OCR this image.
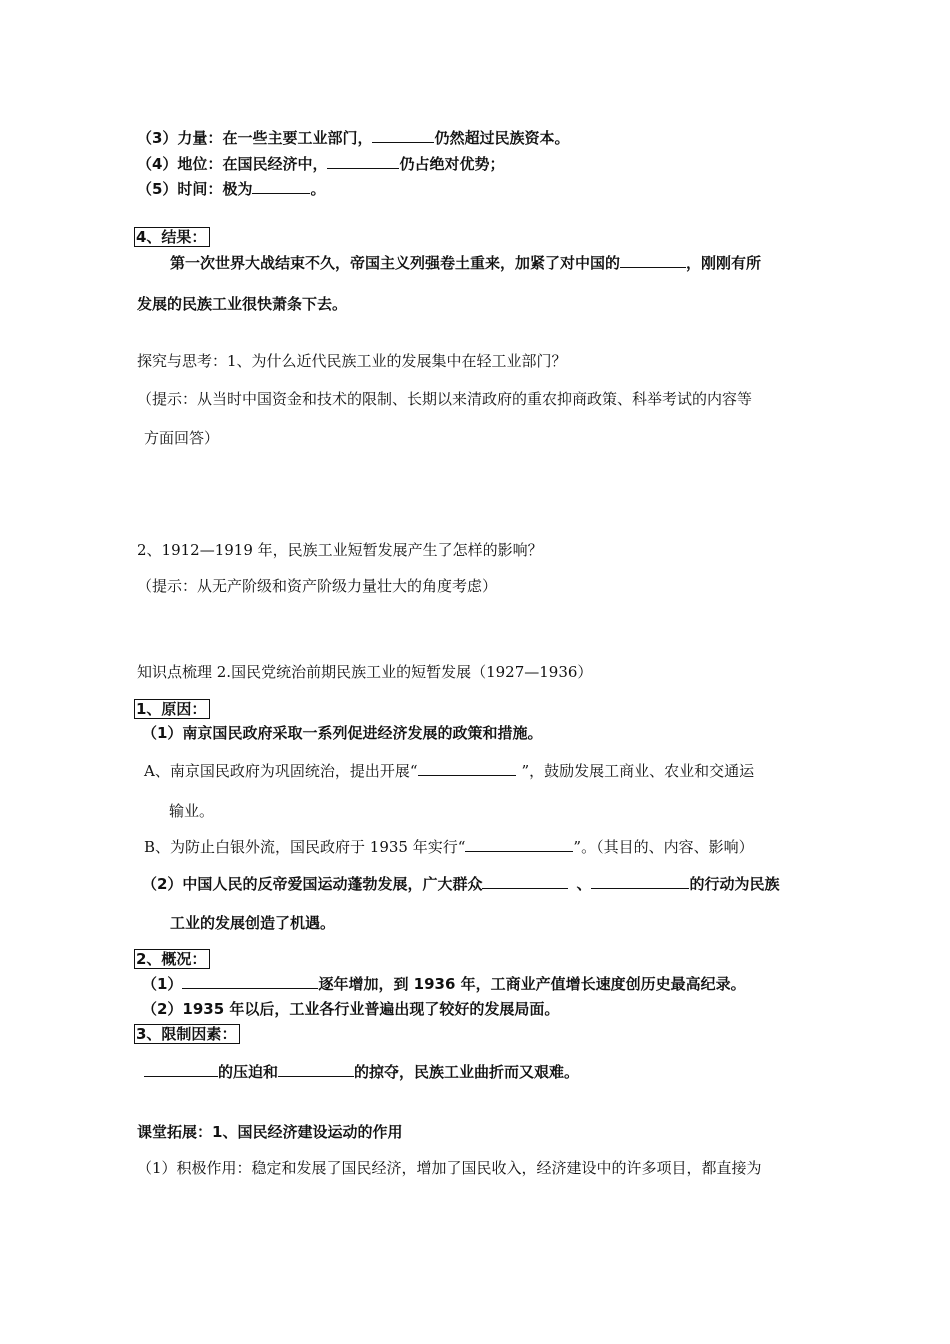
（3）力量：在一些主要工业部门，	仍然超过民族资本。
（4）地位：在国民经济中，	仍占绝对优势；
（5）时间：极为	。
4、结果：
第一次世界大战结束不久，帝国主义列强卷土重来，加紧了对中国的	，刚刚有所
发展的民族工业很快萧条下去。
探究与思考：1、为什么近代民族工业的发展集中在轻工业部门？
（提示：从当时中国资金和技术的限制、长期以来清政府的重农抑商政策、科举考试的内容等
方面回答）
2、1912—1919 年，民族工业短暂发展产生了怎样的影响？
（提示：从无产阶级和资产阶级力量壮大的角度考虑）
知识点梳理 2.国民党统治前期民族工业的短暂发展（1927—1936）
1、原因：
（1）南京国民政府采取一系列促进经济发展的政策和措施。
A、南京国民政府为巩固统治，提出开展“	”，鼓励发展工商业、农业和交通运
输业。
B、为防止白银外流，国民政府于 1935 年实行“	”。（其目的、内容、影响）
（2）中国人民的反帝爱国运动蓬勃发展，广大群众	、	的行动为民族
工业的发展创造了机遇。
2、概况：
（1）	逐年增加，到 1936 年，工商业产值增长速度创历史最高纪录。
（2）1935 年以后，工业各行业普遍出现了较好的发展局面。
3、限制因素：
的压迫和	的掠夺，民族工业曲折而又艰难。
课堂拓展：1、国民经济建设运动的作用
（1）积极作用：稳定和发展了国民经济，增加了国民收入，经济建设中的许多项目，都直接为
